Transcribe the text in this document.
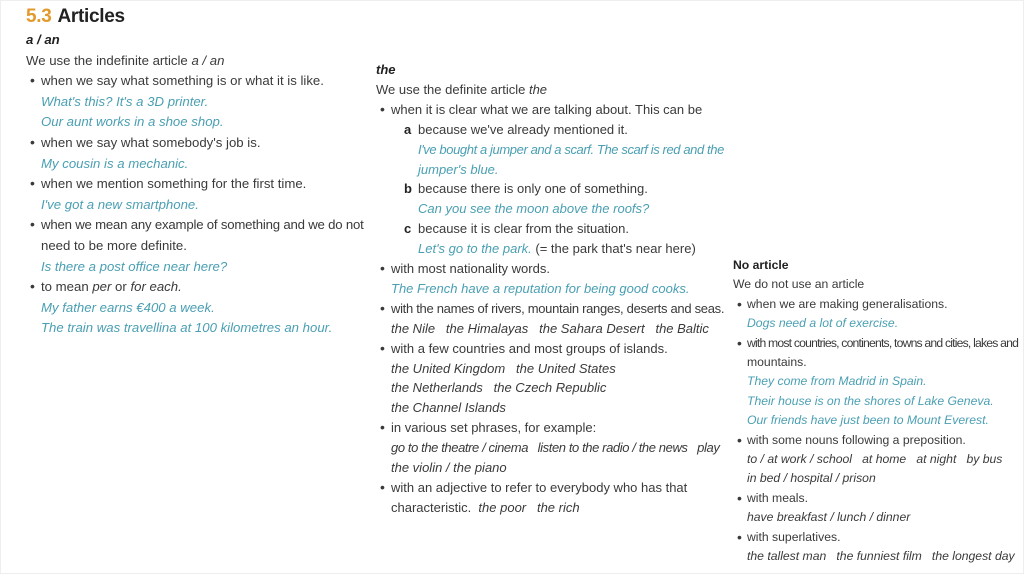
5.3 Articles
a / an
We use the indefinite article a / an
• when we say what something is or what it is like.
What's this? It's a 3D printer.
Our aunt works in a shoe shop.
• when we say what somebody's job is.
My cousin is a mechanic.
• when we mention something for the first time.
I've got a new smartphone.
• when we mean any example of something and we do not
need to be more definite.
Is there a post office near here?
• to mean per or for each.
My father earns €400 a week.
The train was travellina at 100 kilometres an hour.
the
We use the definite article the
• when it is clear what we are talking about. This can be
a because we've already mentioned it.
I've bought a jumper and a scarf. The scarf is red and the
jumper's blue.
b because there is only one of something.
Can you see the moon above the roofs?
c because it is clear from the situation.
Let's go to the park. (= the park that's near here)
• with most nationality words.
The French have a reputation for being good cooks.
• with the names of rivers, mountain ranges, deserts and seas.
the Nile   the Himalayas   the Sahara Desert   the Baltic
• with a few countries and most groups of islands.
the United Kingdom   the United States
the Netherlands   the Czech Republic
the Channel Islands
• in various set phrases, for example:
go to the theatre / cinema   listen to the radio / the news   play
the violin / the piano
• with an adjective to refer to everybody who has that
characteristic.  the poor   the rich
No article
We do not use an article
• when we are making generalisations.
Dogs need a lot of exercise.
• with most countries, continents, towns and cities, lakes and
mountains.
They come from Madrid in Spain.
Their house is on the shores of Lake Geneva.
Our friends have just been to Mount Everest.
• with some nouns following a preposition.
to / at work / school   at home   at night   by bus
in bed / hospital / prison
• with meals.
have breakfast / lunch / dinner
• with superlatives.
the tallest man   the funniest film   the longest day
